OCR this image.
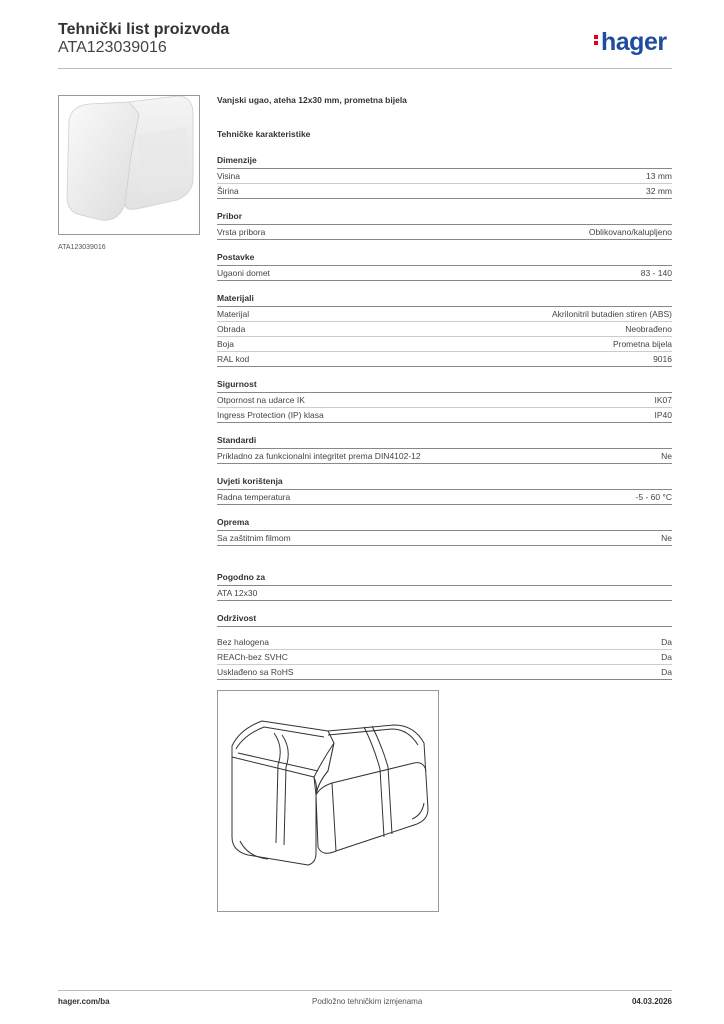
Tehnički list proizvoda
ATA123039016	hager
ATA123039016
Vanjski ugao, ateha 12x30 mm, prometna bijela
Tehničke karakteristike
Dimenzije
Visina	13 mm
Širina	32 mm
Pribor
Vrsta pribora	Oblikovano/kalupljeno
Postavke
Ugaoni domet	83 - 140
Materijali
Materijal	Akrilonitril butadien stiren (ABS)
Obrada	Neobrađeno
Boja	Prometna bijela
RAL kod	9016
Sigurnost
Otpornost na udarce IK	IK07
Ingress Protection (IP) klasa	IP40
Standardi
Prikladno za funkcionalni integritet prema DIN4102-12	Ne
Uvjeti korištenja
Radna temperatura	-5 - 60 °C
Oprema
Sa zaštitnim filmom	Ne
Pogodno za
ATA 12x30
Održivost
Bez halogena	Da
REACh-bez SVHC	Da
Usklađeno sa RoHS	Da
hager.com/ba	Podložno tehničkim izmjenama	04.03.2026
